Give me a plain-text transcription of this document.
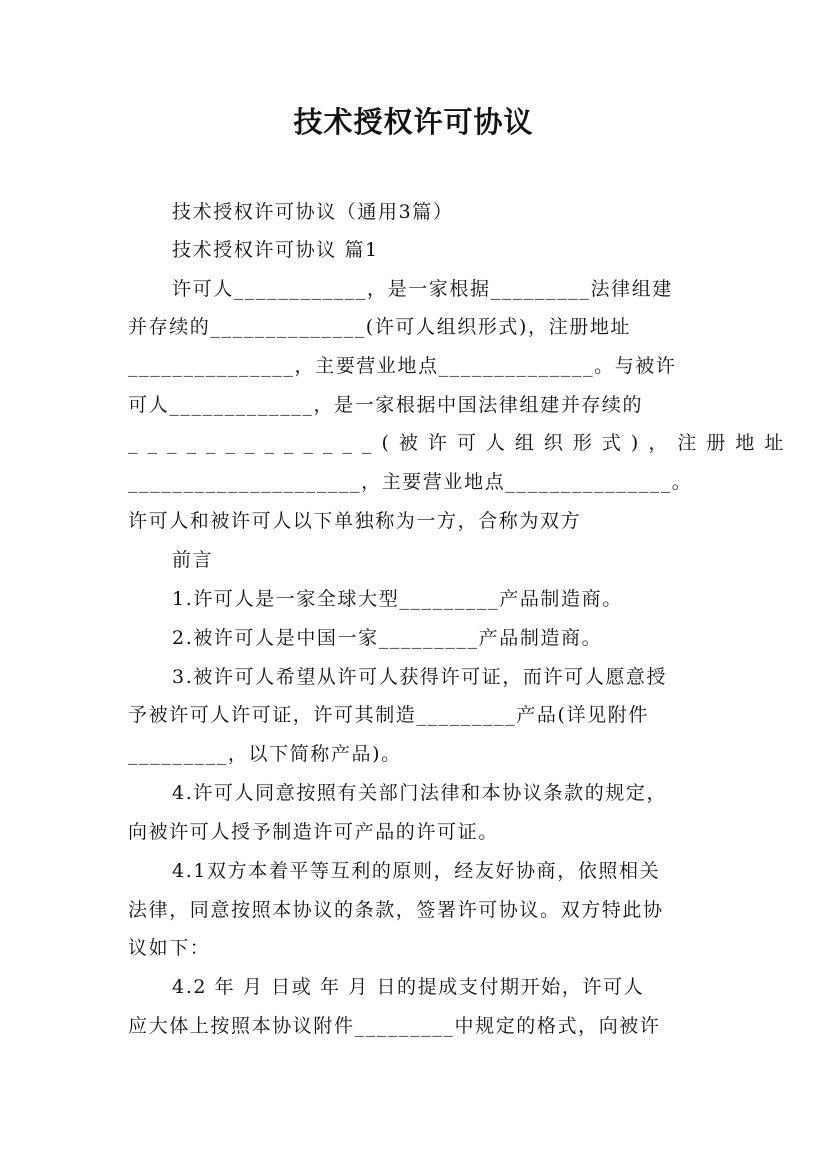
技术授权许可协议
技术授权许可协议（通用3篇）
技术授权许可协议 篇1
许可人____________，是一家根据_________法律组建
并存续的______________(许可人组织形式)，注册地址
_______________，主要营业地点______________。与被许
可人_____________，是一家根据中国法律组建并存续的
_____________(被许可人组织形式)，注册地址
_____________________，主要营业地点_______________。
许可人和被许可人以下单独称为一方，合称为双方
前言
1.许可人是一家全球大型_________产品制造商。
2.被许可人是中国一家_________产品制造商。
3.被许可人希望从许可人获得许可证，而许可人愿意授
予被许可人许可证，许可其制造_________产品(详见附件
_________，以下简称产品)。
4.许可人同意按照有关部门法律和本协议条款的规定，
向被许可人授予制造许可产品的许可证。
4.1双方本着平等互利的原则，经友好协商，依照相关
法律，同意按照本协议的条款，签署许可协议。双方特此协
议如下：
4.2 年 月 日或 年 月 日的提成支付期开始，许可人
应大体上按照本协议附件_________中规定的格式，向被许
